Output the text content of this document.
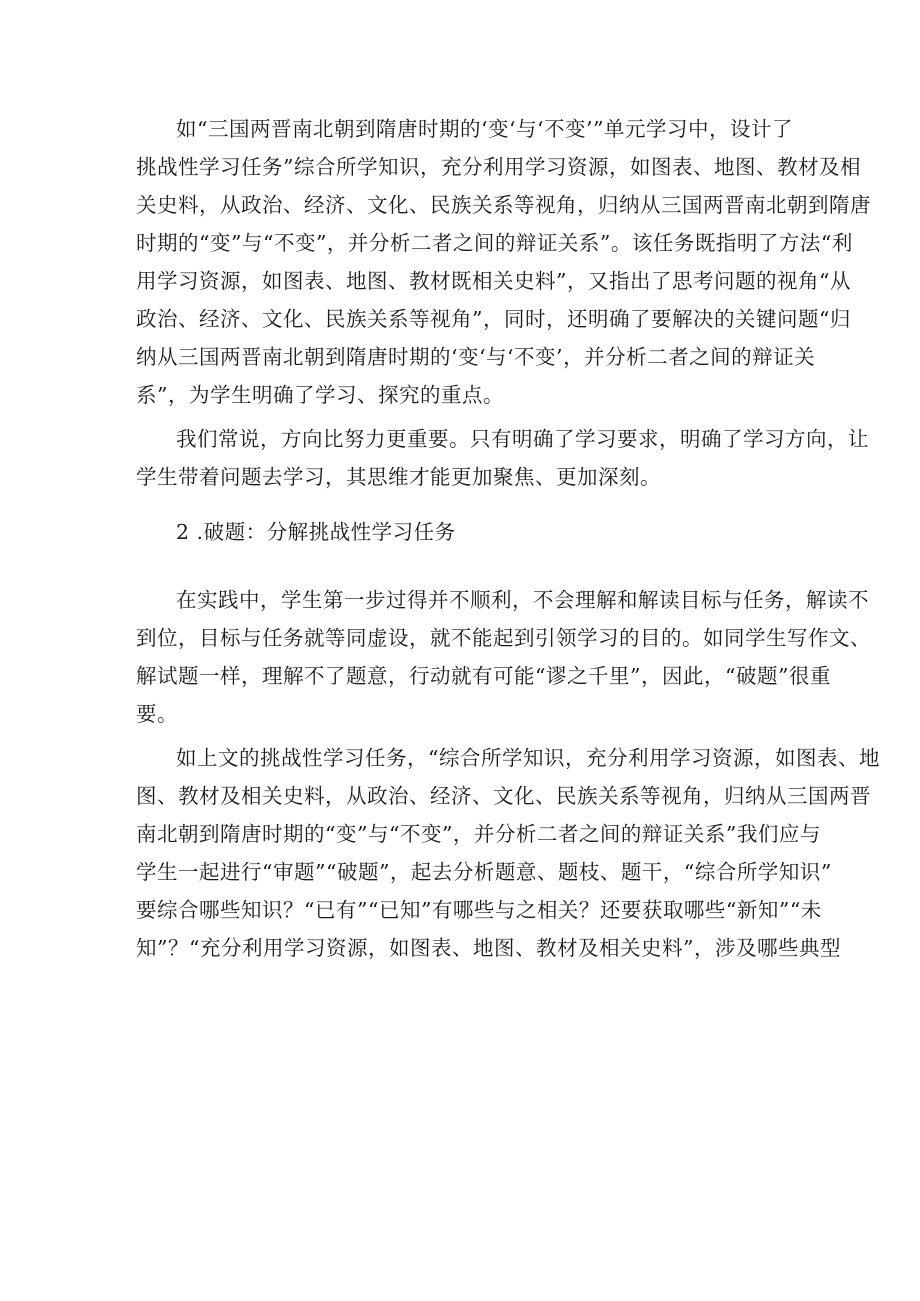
如“三国两晋南北朝到隋唐时期的‘变‘与‘不变’”单元学习中，设计了
挑战性学习任务”综合所学知识，充分利用学习资源，如图表、地图、教材及相
关史料，从政治、经济、文化、民族关系等视角，归纳从三国两晋南北朝到隋唐
时期的“变”与“不变”，并分析二者之间的辩证关系”。该任务既指明了方法“利
用学习资源，如图表、地图、教材既相关史料”，又指出了思考问题的视角“从
政治、经济、文化、民族关系等视角”，同时，还明确了要解决的关键问题“归
纳从三国两晋南北朝到隋唐时期的‘变‘与‘不变’，并分析二者之间的辩证关
系”，为学生明确了学习、探究的重点。
我们常说，方向比努力更重要。只有明确了学习要求，明确了学习方向，让
学生带着问题去学习，其思维才能更加聚焦、更加深刻。
2 .破题：分解挑战性学习任务
在实践中，学生第一步过得并不顺利，不会理解和解读目标与任务，解读不
到位，目标与任务就等同虚设，就不能起到引领学习的目的。如同学生写作文、
解试题一样，理解不了题意，行动就有可能“谬之千里”，因此，“破题”很重
要。
如上文的挑战性学习任务，“综合所学知识，充分利用学习资源，如图表、地
图、教材及相关史料，从政治、经济、文化、民族关系等视角，归纳从三国两晋
南北朝到隋唐时期的“变”与“不变”，并分析二者之间的辩证关系”我们应与
学生一起进行“审题”“破题”，起去分析题意、题枝、题干，“综合所学知识”
要综合哪些知识？“已有”“已知”有哪些与之相关？还要获取哪些“新知”“未
知”？“充分利用学习资源，如图表、地图、教材及相关史料”，涉及哪些典型
